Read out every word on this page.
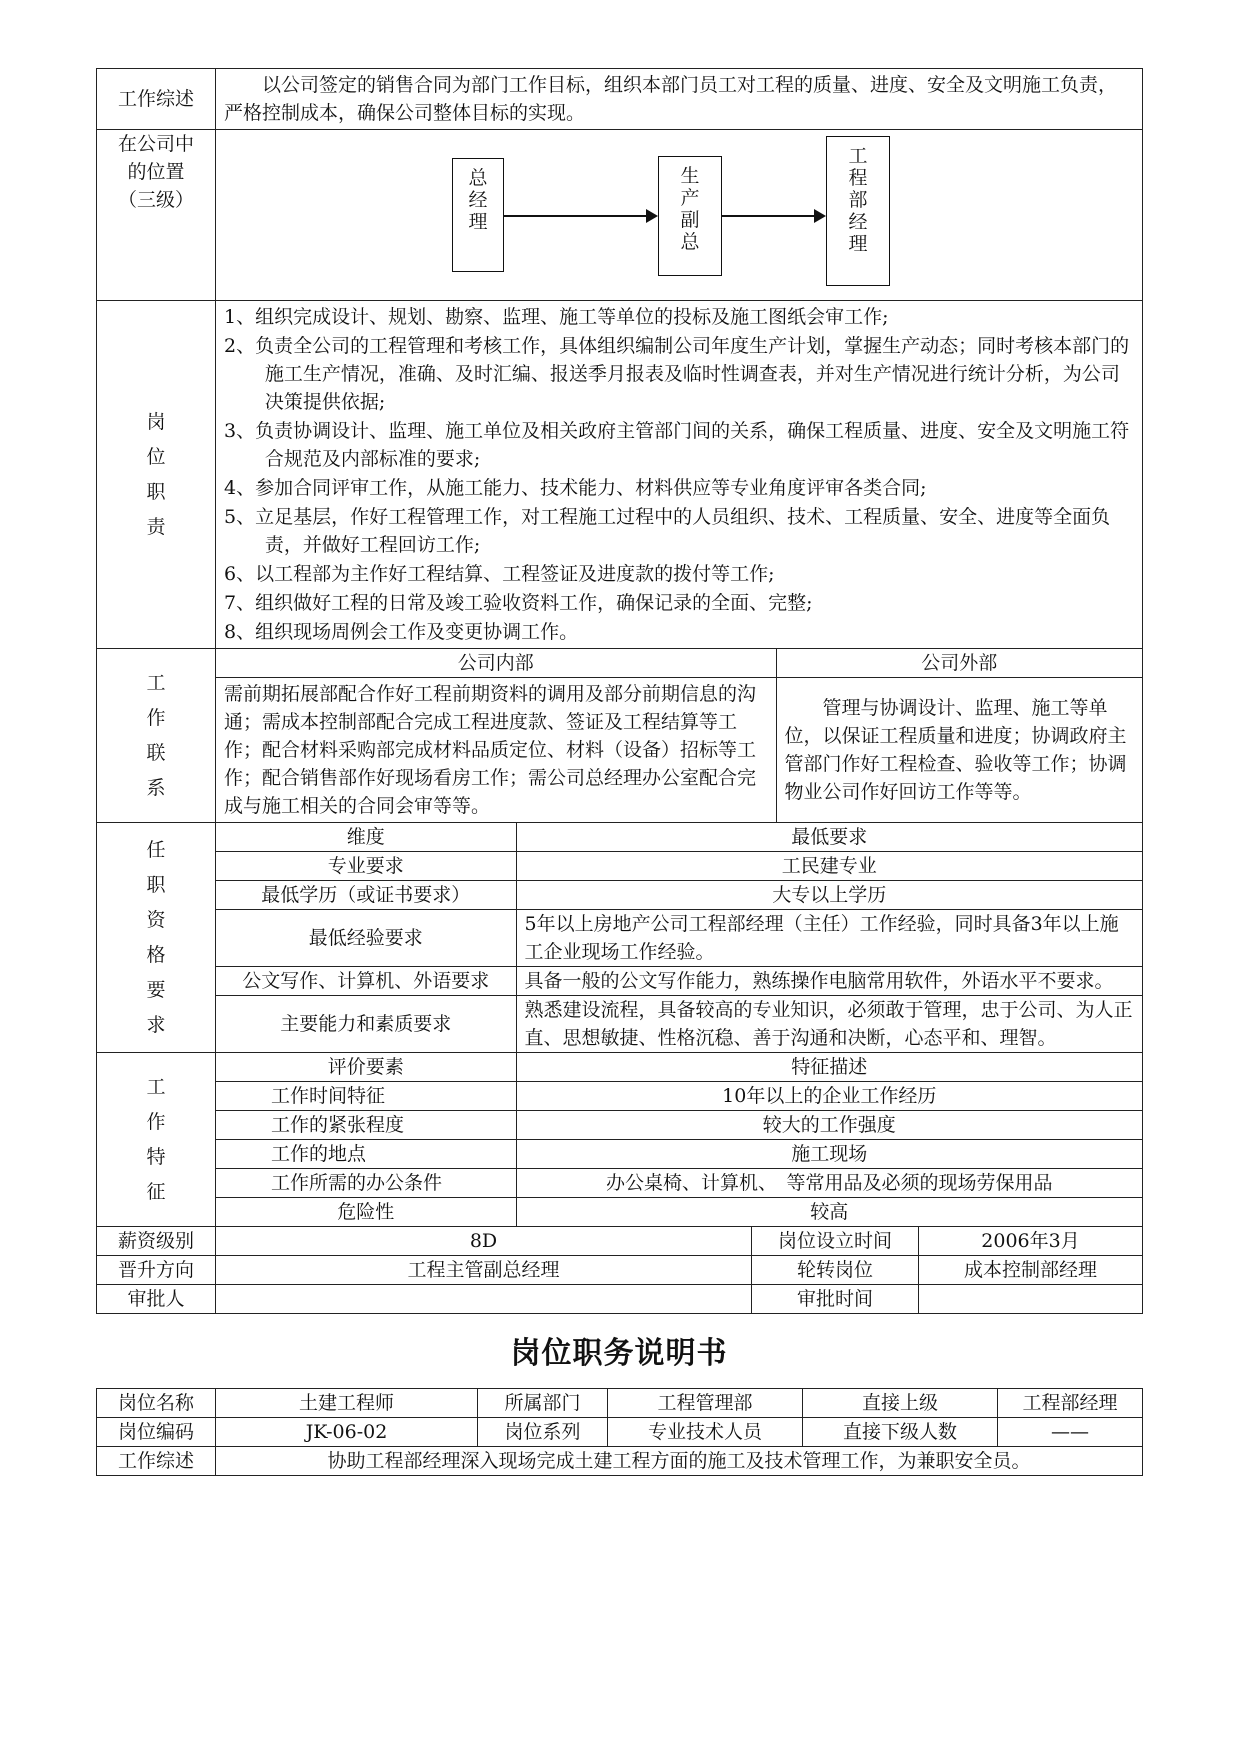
工作综述	以公司签定的销售合同为部门工作目标，组织本部门员工对工程的质量、进度、安全及文明施工负责，严格控制成本，确保公司整体目标的实现。

在公司中
的位置
（三级）

总
经
理
生
产
副
总
工
程
部
经
理

岗
位
职
责

1、组织完成设计、规划、勘察、监理、施工等单位的投标及施工图纸会审工作;
2、负责全公司的工程管理和考核工作，具体组织编制公司年度生产计划，掌握生产动态；同时考核本部门的施工生产情况，准确、及时汇编、报送季月报表及临时性调查表，并对生产情况进行统计分析，为公司决策提供依据;
3、负责协调设计、监理、施工单位及相关政府主管部门间的关系，确保工程质量、进度、安全及文明施工符合规范及内部标准的要求;
4、参加合同评审工作，从施工能力、技术能力、材料供应等专业角度评审各类合同;
5、立足基层，作好工程管理工作，对工程施工过程中的人员组织、技术、工程质量、安全、进度等全面负责，并做好工程回访工作;
6、以工程部为主作好工程结算、工程签证及进度款的拨付等工作;
7、组织做好工程的日常及竣工验收资料工作，确保记录的全面、完整;
8、组织现场周例会工作及变更协调工作。

工
作
联
系

公司内部	公司外部
需前期拓展部配合作好工程前期资料的调用及部分前期信息的沟通；需成本控制部配合完成工程进度款、签证及工程结算等工作；配合材料采购部完成材料品质定位、材料（设备）招标等工作；配合销售部作好现场看房工作；需公司总经理办公室配合完成与施工相关的合同会审等等。	管理与协调设计、监理、施工等单位，以保证工程质量和进度；协调政府主管部门作好工程检查、验收等工作；协调物业公司作好回访工作等等。

任
职
资
格
要
求

维度	最低要求
专业要求	工民建专业
最低学历（或证书要求）	大专以上学历
最低经验要求	5年以上房地产公司工程部经理（主任）工作经验，同时具备3年以上施工企业现场工作经验。
公文写作、计算机、外语要求	具备一般的公文写作能力，熟练操作电脑常用软件，外语水平不要求。
主要能力和素质要求	熟悉建设流程，具备较高的专业知识，必须敢于管理，忠于公司、为人正直、思想敏捷、性格沉稳、善于沟通和决断，心态平和、理智。

工
作
特
征

评价要素	特征描述
工作时间特征	10年以上的企业工作经历
工作的紧张程度	较大的工作强度
工作的地点	施工现场
工作所需的办公条件	办公桌椅、计算机、　等常用品及必须的现场劳保用品
危险性	较高

薪资级别	8D	岗位设立时间	2006年3月
晋升方向	工程主管副总经理	轮转岗位	成本控制部经理
审批人		审批时间	
岗位职务说明书
岗位名称	土建工程师	所属部门	工程管理部	直接上级	工程部经理
岗位编码	JK-06-02	岗位系列	专业技术人员	直接下级人数	——
工作综述	协助工程部经理深入现场完成土建工程方面的施工及技术管理工作，为兼职安全员。				
